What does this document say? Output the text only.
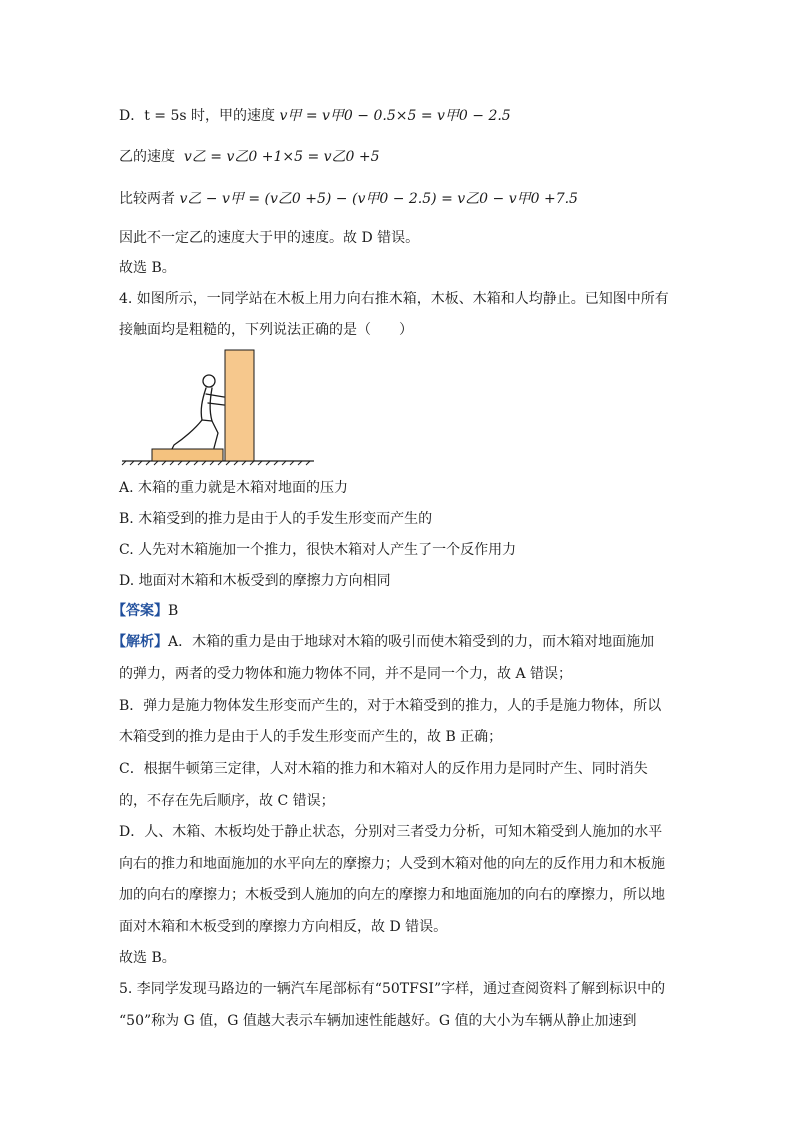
D．t = 5s 时，甲的速度 v甲 = v甲0 − 0.5×5 = v甲0 − 2.5
乙的速度 v乙 = v乙0 +1×5 = v乙0 +5
比较两者 v乙 − v甲 = (v乙0 +5) − (v甲0 − 2.5) = v乙0 − v甲0 +7.5
因此不一定乙的速度大于甲的速度。故 D 错误。
故选 B。
4. 如图所示，一同学站在木板上用力向右推木箱，木板、木箱和人均静止。已知图中所有
接触面均是粗糙的，下列说法正确的是（　　）
A. 木箱的重力就是木箱对地面的压力
B. 木箱受到的推力是由于人的手发生形变而产生的
C. 人先对木箱施加一个推力，很快木箱对人产生了一个反作用力
D. 地面对木箱和木板受到的摩擦力方向相同
【答案】B
【解析】A．木箱的重力是由于地球对木箱的吸引而使木箱受到的力，而木箱对地面施加
的弹力，两者的受力物体和施力物体不同，并不是同一个力，故 A 错误；
B．弹力是施力物体发生形变而产生的，对于木箱受到的推力，人的手是施力物体，所以
木箱受到的推力是由于人的手发生形变而产生的，故 B 正确；
C．根据牛顿第三定律，人对木箱的推力和木箱对人的反作用力是同时产生、同时消失
的，不存在先后顺序，故 C 错误；
D．人、木箱、木板均处于静止状态，分别对三者受力分析，可知木箱受到人施加的水平
向右的推力和地面施加的水平向左的摩擦力；人受到木箱对他的向左的反作用力和木板施
加的向右的摩擦力；木板受到人施加的向左的摩擦力和地面施加的向右的摩擦力，所以地
面对木箱和木板受到的摩擦力方向相反，故 D 错误。
故选 B。
5. 李同学发现马路边的一辆汽车尾部标有“50TFSI”字样，通过查阅资料了解到标识中的
“50”称为 G 值，G 值越大表示车辆加速性能越好。G 值的大小为车辆从静止加速到
